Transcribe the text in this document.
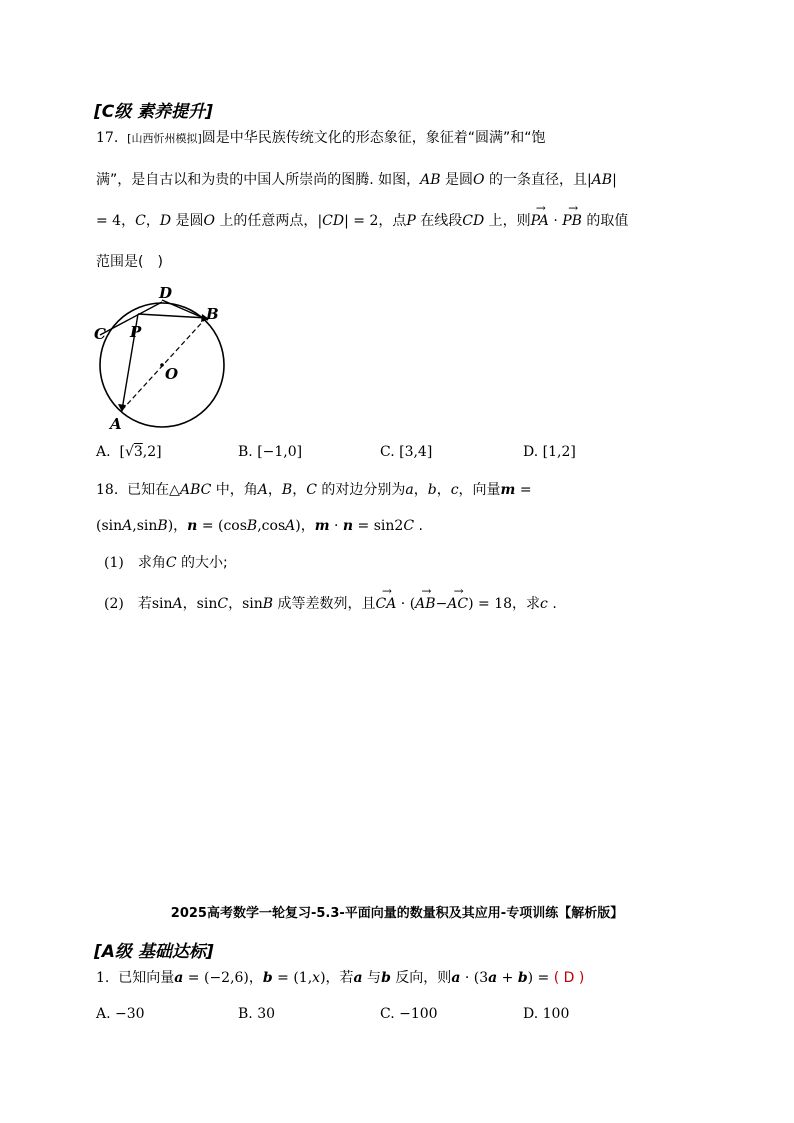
[C级 素养提升]
17. [山西忻州模拟]圆是中华民族传统文化的形态象征，象征着“圆满”和“饱
满”，是自古以和为贵的中国人所崇尚的图腾. 如图，AB 是圆O 的一条直径，且|AB|
= 4，C，D 是圆O 上的任意两点，|CD| = 2，点P 在线段CD 上，则→ PA · → PB 的取值
范围是(　)
D
B
C P
O
A
A.  [√3,2]	B. [−1,0]	C. [3,4]	D. [1,2]
18.  已知在△ABC 中，角A，B，C 的对边分别为a，b，c，向量m =
(sinA,sinB)，n = (cosB,cosA)，m · n = sin2C .
(1)　求角C 的大小;
(2)　若sinA，sinC，sinB 成等差数列，且→ CA · (→ AB−→ AC) = 18，求c .
2025高考数学一轮复习-5.3-平面向量的数量积及其应用-专项训练【解析版】
[A级 基础达标]
1.  已知向量a = (−2,6)，b = (1,x)，若a 与b 反向，则a · (3a + b) = ( D )
A. −30	B. 30	C. −100	D. 100
